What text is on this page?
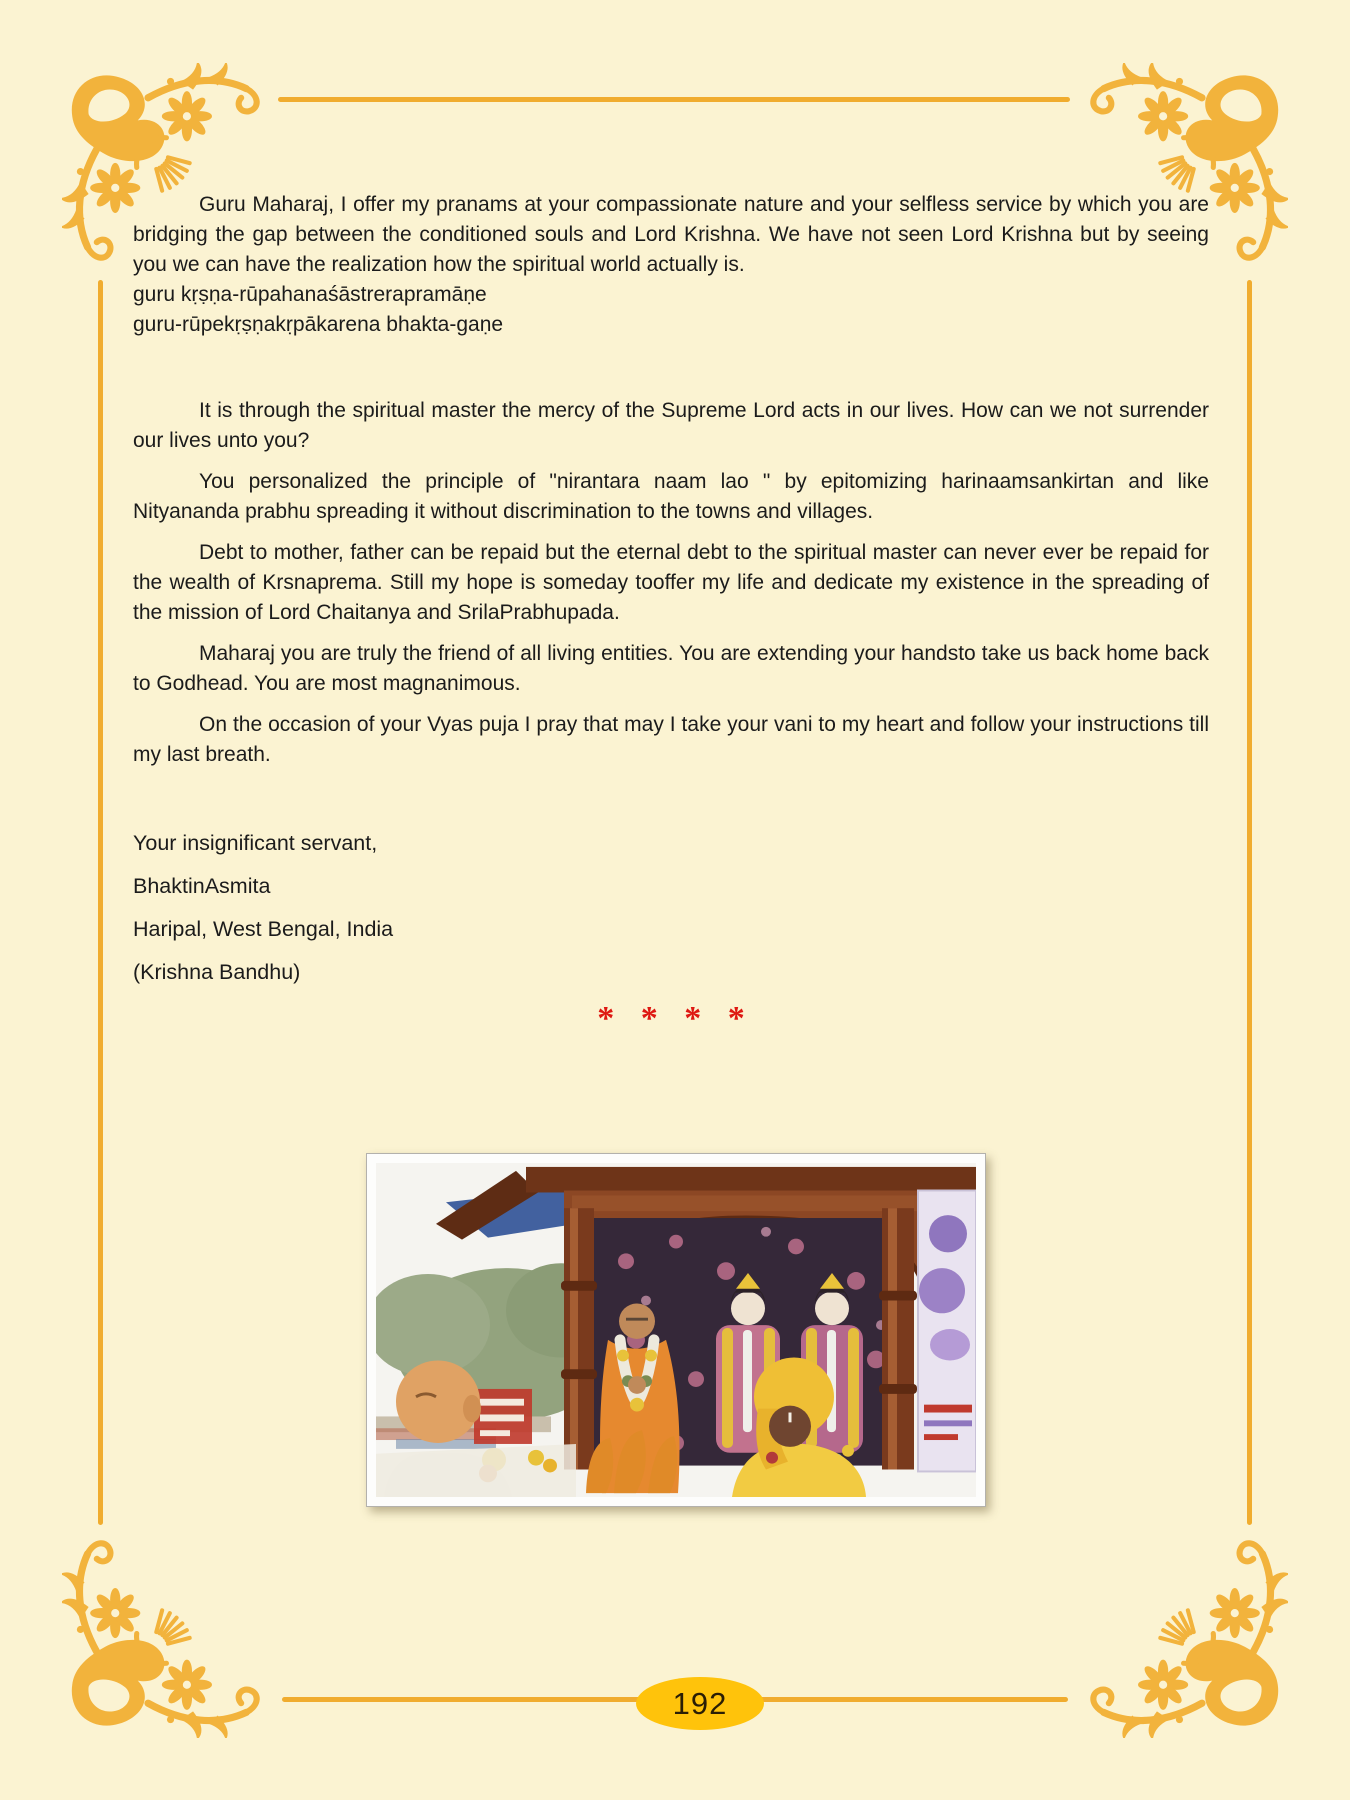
Guru Maharaj, I offer my pranams at your compassionate nature and your selfless service by which you are bridging the gap between the conditioned souls and Lord Krishna. We have not seen Lord Krishna but by seeing you we can have the realization how the spiritual world actually is.

guru kṛṣṇa-rūpahanaśāstrerapramāṇe

guru-rūpekṛṣṇakṛpākarena bhakta-gaṇe

It is through the spiritual master the mercy of the Supreme Lord acts in our lives. How can we not surrender our lives unto you?

You personalized the principle of "nirantara naam lao " by epitomizing harinaamsankirtan and like Nityananda prabhu spreading it without discrimination to the towns and villages.

Debt to mother, father can be repaid but the eternal debt to the spiritual master can never ever be repaid for the wealth of Krsnaprema. Still my hope is someday tooffer my life and dedicate my existence in the spreading of the mission of Lord Chaitanya and SrilaPrabhupada.

Maharaj you are truly the friend of all living entities. You are extending your handsto take us back home back to Godhead. You are most magnanimous.

On the occasion of your Vyas puja I pray that may I take your vani to my heart and follow your instructions till my last breath.

Your insignificant servant,
BhaktinAsmita
Haripal, West Bengal, India
(Krishna Bandhu)
* * * *
192
